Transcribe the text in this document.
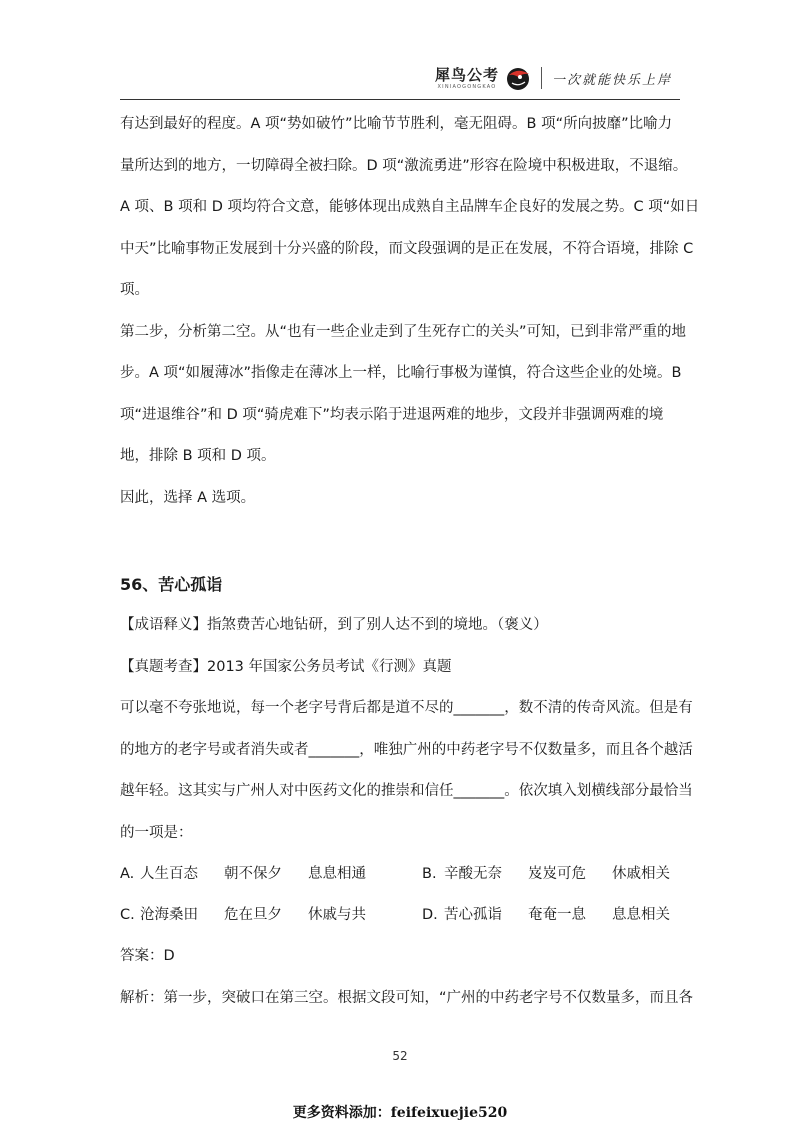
犀鸟公考
XINIAOGONGKAO	一次就能快乐上岸

有达到最好的程度。A 项“势如破竹”比喻节节胜利，毫无阻碍。B 项“所向披靡”比喻力

量所达到的地方，一切障碍全被扫除。D 项“激流勇进”形容在险境中积极进取，不退缩。

A 项、B 项和 D 项均符合文意，能够体现出成熟自主品牌车企良好的发展之势。C 项“如日

中天”比喻事物正发展到十分兴盛的阶段，而文段强调的是正在发展，不符合语境，排除 C

项。

第二步，分析第二空。从“也有一些企业走到了生死存亡的关头”可知，已到非常严重的地

步。A 项“如履薄冰”指像走在薄冰上一样，比喻行事极为谨慎，符合这些企业的处境。B

项“进退维谷”和 D 项“骑虎难下”均表示陷于进退两难的地步，文段并非强调两难的境

地，排除 B 项和 D 项。

因此，选择 A 选项。

56、苦心孤诣

【成语释义】指煞费苦心地钻研，到了别人达不到的境地。（褒义）

【真题考查】2013 年国家公务员考试《行测》真题

可以毫不夸张地说，每一个老字号背后都是道不尽的_______，数不清的传奇风流。但是有

的地方的老字号或者消失或者_______，唯独广州的中药老字号不仅数量多，而且各个越活

越年轻。这其实与广州人对中医药文化的推崇和信任_______。依次填入划横线部分最恰当

的一项是：

A. 人生百态	朝不保夕	息息相通	B. 辛酸无奈	岌岌可危	休戚相关
C. 沧海桑田	危在旦夕	休戚与共	D. 苦心孤诣	奄奄一息	息息相关

答案：D

解析：第一步，突破口在第三空。根据文段可知，“广州的中药老字号不仅数量多，而且各

52
更多资料添加：feifeixuejie520
